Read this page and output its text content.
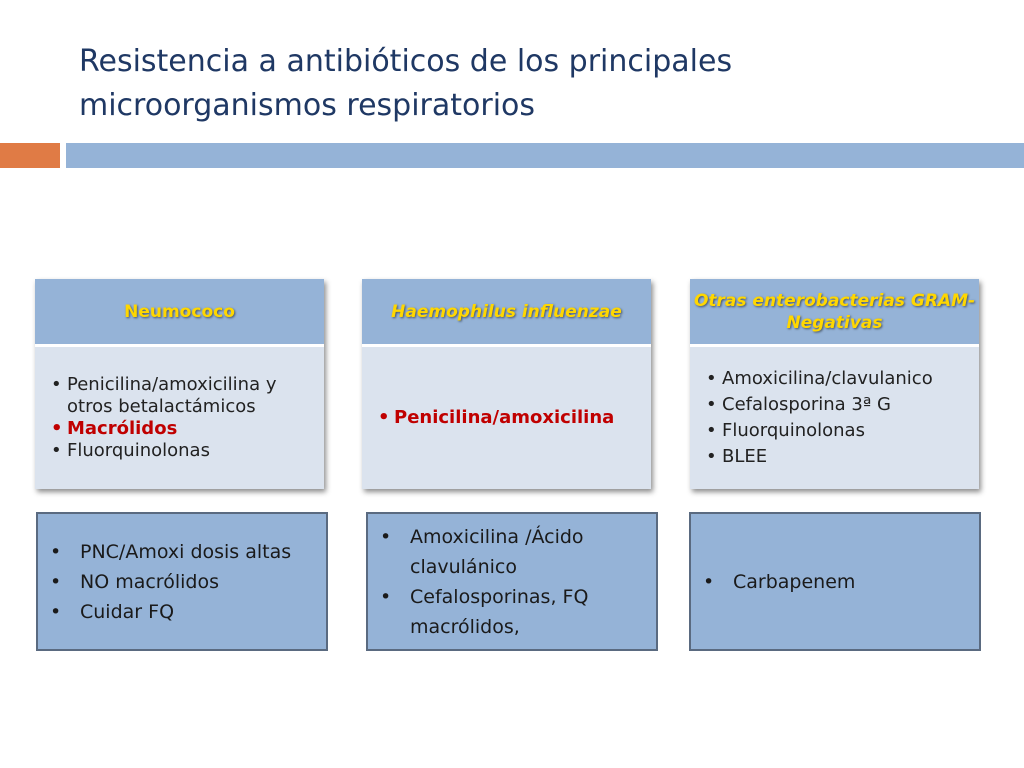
Resistencia a antibióticos de los principales microorganismos respiratorios
Neumococo
• Penicilina/amoxicilina y otros betalactámicos
• Macrólidos
• Fluorquinolonas
Haemophilus influenzae
• Penicilina/amoxicilina
Otras enterobacterias GRAM-Negativas
• Amoxicilina/clavulanico
• Cefalosporina 3ª G
• Fluorquinolonas
• BLEE
• PNC/Amoxi dosis altas
• NO macrólidos
• Cuidar FQ
• Amoxicilina /Ácido clavulánico
• Cefalosporinas, FQ macrólidos,
• Carbapenem
